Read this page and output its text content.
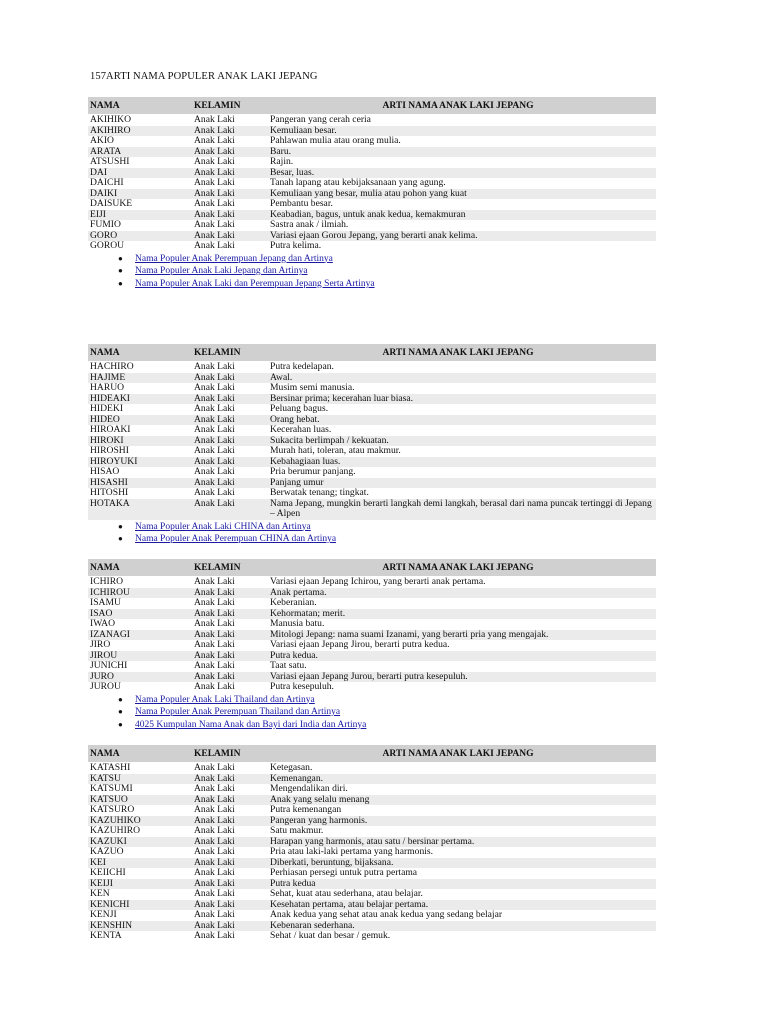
157ARTI NAMA POPULER ANAK LAKI JEPANG
NAMA	KELAMIN	ARTI NAMA ANAK LAKI JEPANG
AKIHIKO	Anak Laki	Pangeran yang cerah ceria
AKIHIRO	Anak Laki	Kemuliaan besar.
AKIO	Anak Laki	Pahlawan mulia atau orang mulia.
ARATA	Anak Laki	Baru.
ATSUSHI	Anak Laki	Rajin.
DAI	Anak Laki	Besar, luas.
DAICHI	Anak Laki	Tanah lapang atau kebijaksanaan yang agung.
DAIKI	Anak Laki	Kemuliaan yang besar, mulia atau pohon yang kuat
DAISUKE	Anak Laki	Pembantu besar.
EIJI	Anak Laki	Keabadian, bagus, untuk anak kedua, kemakmuran
FUMIO	Anak Laki	Sastra anak / ilmiah.
GORO	Anak Laki	Variasi ejaan Gorou Jepang, yang berarti anak kelima.
GOROU	Anak Laki	Putra kelima.
● Nama Populer Anak Perempuan Jepang dan Artinya
● Nama Populer Anak Laki Jepang dan Artinya
● Nama Populer Anak Laki dan Perempuan Jepang Serta Artinya
NAMA	KELAMIN	ARTI NAMA ANAK LAKI JEPANG
HACHIRO	Anak Laki	Putra kedelapan.
HAJIME	Anak Laki	Awal.
HARUO	Anak Laki	Musim semi manusia.
HIDEAKI	Anak Laki	Bersinar prima; kecerahan luar biasa.
HIDEKI	Anak Laki	Peluang bagus.
HIDEO	Anak Laki	Orang hebat.
HIROAKI	Anak Laki	Kecerahan luas.
HIROKI	Anak Laki	Sukacita berlimpah / kekuatan.
HIROSHI	Anak Laki	Murah hati, toleran, atau makmur.
HIROYUKI	Anak Laki	Kebahagiaan luas.
HISAO	Anak Laki	Pria berumur panjang.
HISASHI	Anak Laki	Panjang umur
HITOSHI	Anak Laki	Berwatak tenang; tingkat.
HOTAKA	Anak Laki	Nama Jepang, mungkin berarti langkah demi langkah, berasal dari nama puncak tertinggi di Jepang – Alpen
● Nama Populer Anak Laki CHINA dan Artinya
● Nama Populer Anak Perempuan CHINA dan Artinya
NAMA	KELAMIN	ARTI NAMA ANAK LAKI JEPANG
ICHIRO	Anak Laki	Variasi ejaan Jepang Ichirou, yang berarti anak pertama.
ICHIROU	Anak Laki	Anak pertama.
ISAMU	Anak Laki	Keberanian.
ISAO	Anak Laki	Kehormatan; merit.
IWAO	Anak Laki	Manusia batu.
IZANAGI	Anak Laki	Mitologi Jepang: nama suami Izanami, yang berarti pria yang mengajak.
JIRO	Anak Laki	Variasi ejaan Jepang Jirou, berarti putra kedua.
JIROU	Anak Laki	Putra kedua.
JUNICHI	Anak Laki	Taat satu.
JURO	Anak Laki	Variasi ejaan Jepang Jurou, berarti putra kesepuluh.
JUROU	Anak Laki	Putra kesepuluh.
● Nama Populer Anak Laki Thailand dan Artinya
● Nama Populer Anak Perempuan Thailand dan Artinya
● 4025 Kumpulan Nama Anak dan Bayi dari India dan Artinya
NAMA	KELAMIN	ARTI NAMA ANAK LAKI JEPANG
KATASHI	Anak Laki	Ketegasan.
KATSU	Anak Laki	Kemenangan.
KATSUMI	Anak Laki	Mengendalikan diri.
KATSUO	Anak Laki	Anak yang selalu menang
KATSURO	Anak Laki	Putra kemenangan
KAZUHIKO	Anak Laki	Pangeran yang harmonis.
KAZUHIRO	Anak Laki	Satu makmur.
KAZUKI	Anak Laki	Harapan yang harmonis, atau satu / bersinar pertama.
KAZUO	Anak Laki	Pria atau laki-laki pertama yang harmonis.
KEI	Anak Laki	Diberkati, beruntung, bijaksana.
KEIICHI	Anak Laki	Perhiasan persegi untuk putra pertama
KEIJI	Anak Laki	Putra kedua
KEN	Anak Laki	Sehat, kuat atau sederhana, atau belajar.
KENICHI	Anak Laki	Kesehatan pertama, atau belajar pertama.
KENJI	Anak Laki	Anak kedua yang sehat atau anak kedua yang sedang belajar
KENSHIN	Anak Laki	Kebenaran sederhana.
KENTA	Anak Laki	Sehat / kuat dan besar / gemuk.
